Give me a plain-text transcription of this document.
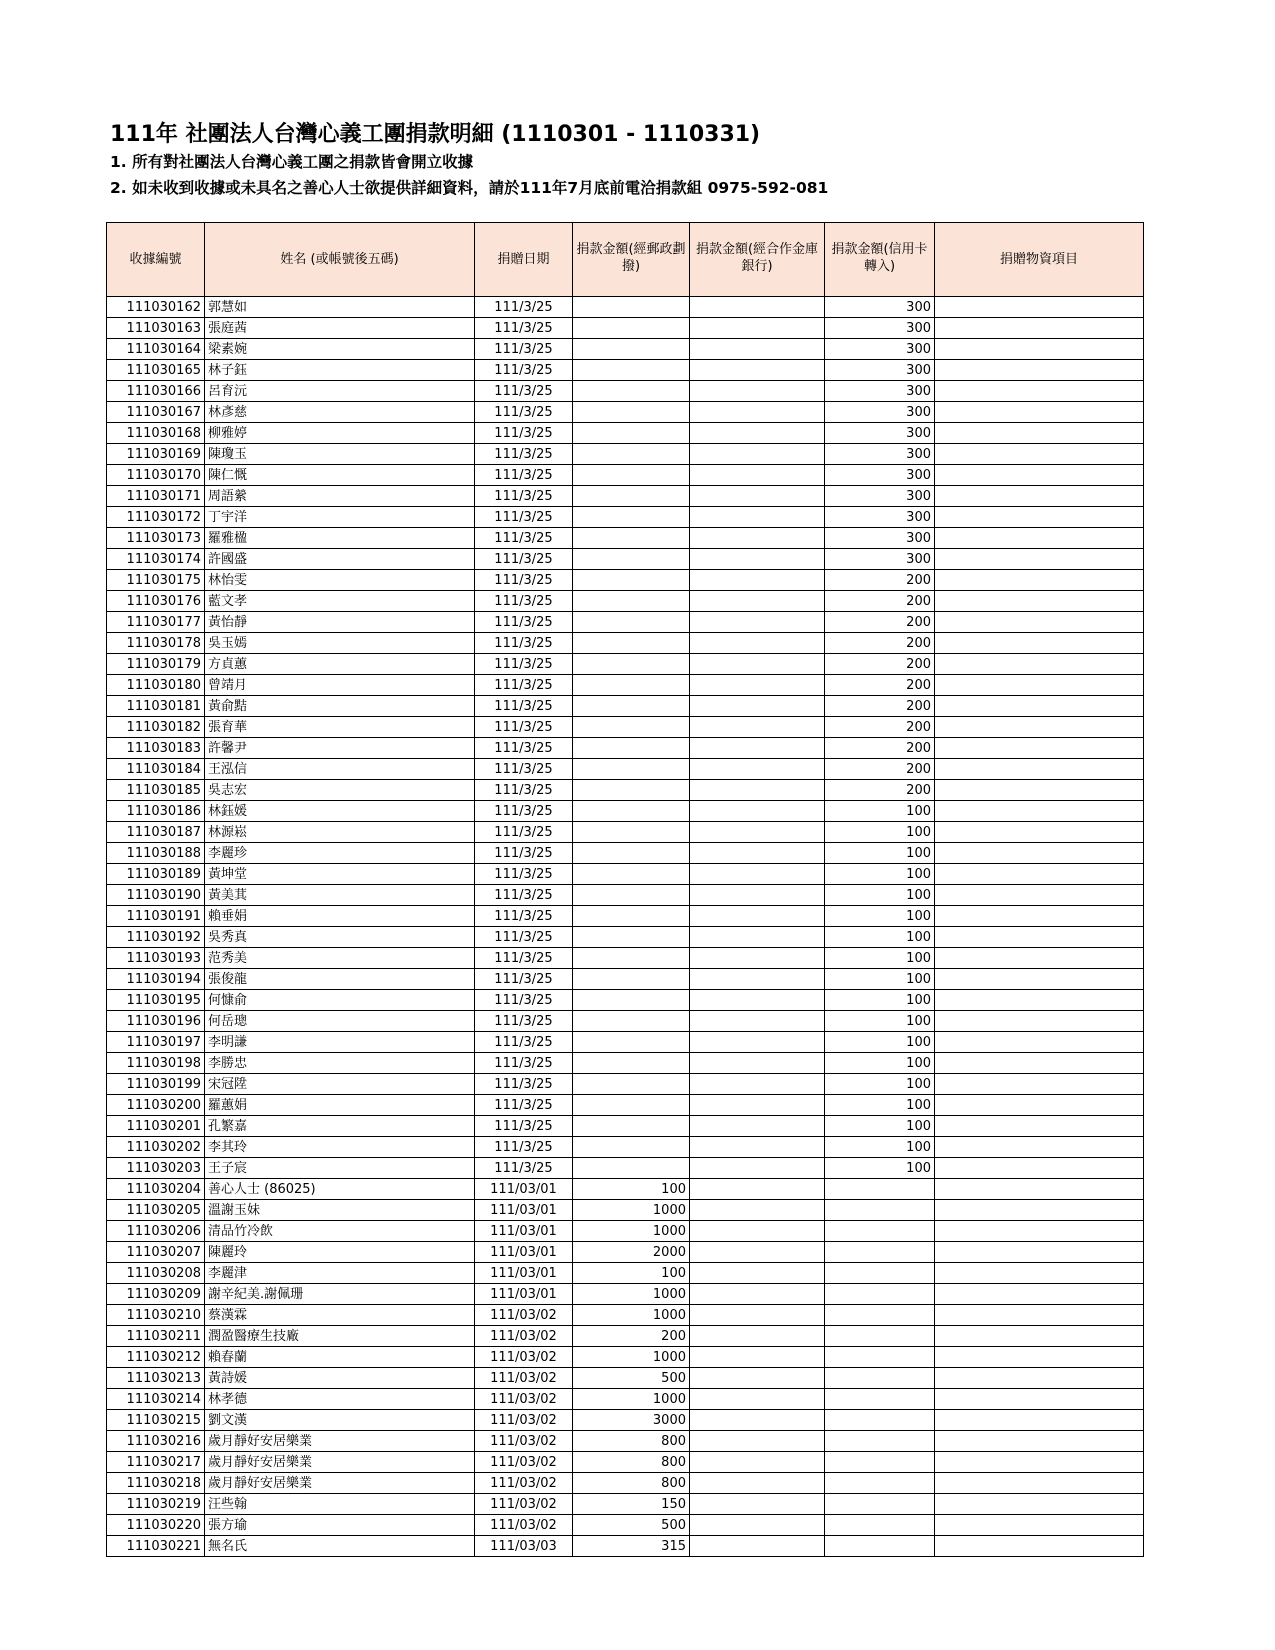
111年 社團法人台灣心義工團捐款明細 (1110301 - 1110331)
1. 所有對社團法人台灣心義工團之捐款皆會開立收據
2. 如未收到收據或未具名之善心人士欲提供詳細資料，請於111年7月底前電洽捐款組 0975-592-081
收據編號	姓名 (或帳號後五碼)	捐贈日期	捐款金額(經郵政劃撥)	捐款金額(經合作金庫銀行)	捐款金額(信用卡轉入)	捐贈物資項目
111030162	郭慧如	111/3/25			300	
111030163	張庭茜	111/3/25			300	
111030164	梁素婉	111/3/25			300	
111030165	林子鈺	111/3/25			300	
111030166	呂育沅	111/3/25			300	
111030167	林彥慈	111/3/25			300	
111030168	柳雅婷	111/3/25			300	
111030169	陳瓊玉	111/3/25			300	
111030170	陳仁慨	111/3/25			300	
111030171	周語縈	111/3/25			300	
111030172	丁宇洋	111/3/25			300	
111030173	羅雅楹	111/3/25			300	
111030174	許國盛	111/3/25			300	
111030175	林怡雯	111/3/25			200	
111030176	藍文孝	111/3/25			200	
111030177	黃怡靜	111/3/25			200	
111030178	吳玉嫣	111/3/25			200	
111030179	方貞蕙	111/3/25			200	
111030180	曾靖月	111/3/25			200	
111030181	黃俞黠	111/3/25			200	
111030182	張育華	111/3/25			200	
111030183	許馨尹	111/3/25			200	
111030184	王泓信	111/3/25			200	
111030185	吳志宏	111/3/25			200	
111030186	林鈺媛	111/3/25			100	
111030187	林源崧	111/3/25			100	
111030188	李麗珍	111/3/25			100	
111030189	黃坤堂	111/3/25			100	
111030190	黃美萁	111/3/25			100	
111030191	賴垂娟	111/3/25			100	
111030192	吳秀真	111/3/25			100	
111030193	范秀美	111/3/25			100	
111030194	張俊龍	111/3/25			100	
111030195	何慷俞	111/3/25			100	
111030196	何岳璁	111/3/25			100	
111030197	李明謙	111/3/25			100	
111030198	李勝忠	111/3/25			100	
111030199	宋冠陞	111/3/25			100	
111030200	羅蕙娟	111/3/25			100	
111030201	孔繁嘉	111/3/25			100	
111030202	李其玲	111/3/25			100	
111030203	王子宸	111/3/25			100	
111030204	善心人士 (86025)	111/03/01	100			
111030205	溫謝玉妹	111/03/01	1000			
111030206	清品竹冷飲	111/03/01	1000			
111030207	陳麗玲	111/03/01	2000			
111030208	李麗津	111/03/01	100			
111030209	謝辛紀美.謝佩珊	111/03/01	1000			
111030210	蔡漢霖	111/03/02	1000			
111030211	潤盈醫療生技廠	111/03/02	200			
111030212	賴春蘭	111/03/02	1000			
111030213	黃詩媛	111/03/02	500			
111030214	林孝德	111/03/02	1000			
111030215	劉文漢	111/03/02	3000			
111030216	歲月靜好安居樂業	111/03/02	800			
111030217	歲月靜好安居樂業	111/03/02	800			
111030218	歲月靜好安居樂業	111/03/02	800			
111030219	汪些翰	111/03/02	150			
111030220	張方瑜	111/03/02	500			
111030221	無名氏	111/03/03	315			
